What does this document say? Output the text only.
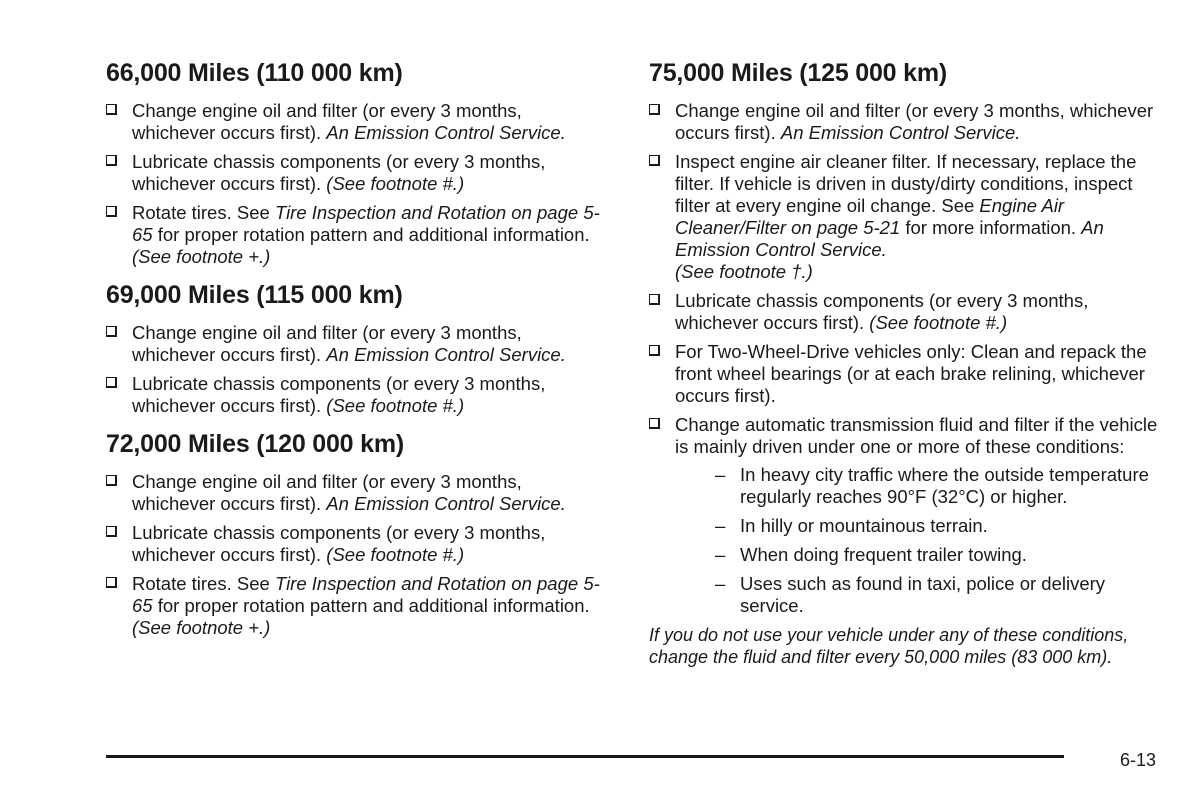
66,000 Miles (110 000 km)
Change engine oil and filter (or every 3 months, whichever occurs first). An Emission Control Service.
Lubricate chassis components (or every 3 months, whichever occurs first). (See footnote #.)
Rotate tires. See Tire Inspection and Rotation on page 5-65 for proper rotation pattern and additional information. (See footnote +.)
69,000 Miles (115 000 km)
Change engine oil and filter (or every 3 months, whichever occurs first). An Emission Control Service.
Lubricate chassis components (or every 3 months, whichever occurs first). (See footnote #.)
72,000 Miles (120 000 km)
Change engine oil and filter (or every 3 months, whichever occurs first). An Emission Control Service.
Lubricate chassis components (or every 3 months, whichever occurs first). (See footnote #.)
Rotate tires. See Tire Inspection and Rotation on page 5-65 for proper rotation pattern and additional information. (See footnote +.)
75,000 Miles (125 000 km)
Change engine oil and filter (or every 3 months, whichever occurs first). An Emission Control Service.
Inspect engine air cleaner filter. If necessary, replace the filter. If vehicle is driven in dusty/dirty conditions, inspect filter at every engine oil change. See Engine Air Cleaner/Filter on page 5-21 for more information. An Emission Control Service.
(See footnote †.)
Lubricate chassis components (or every 3 months, whichever occurs first). (See footnote #.)
For Two-Wheel-Drive vehicles only: Clean and repack the front wheel bearings (or at each brake relining, whichever occurs first).
Change automatic transmission fluid and filter if the vehicle is mainly driven under one or more of these conditions:
– In heavy city traffic where the outside temperature regularly reaches 90°F (32°C) or higher.
– In hilly or mountainous terrain.
– When doing frequent trailer towing.
– Uses such as found in taxi, police or delivery service.
If you do not use your vehicle under any of these conditions, change the fluid and filter every 50,000 miles (83 000 km).
6-13
